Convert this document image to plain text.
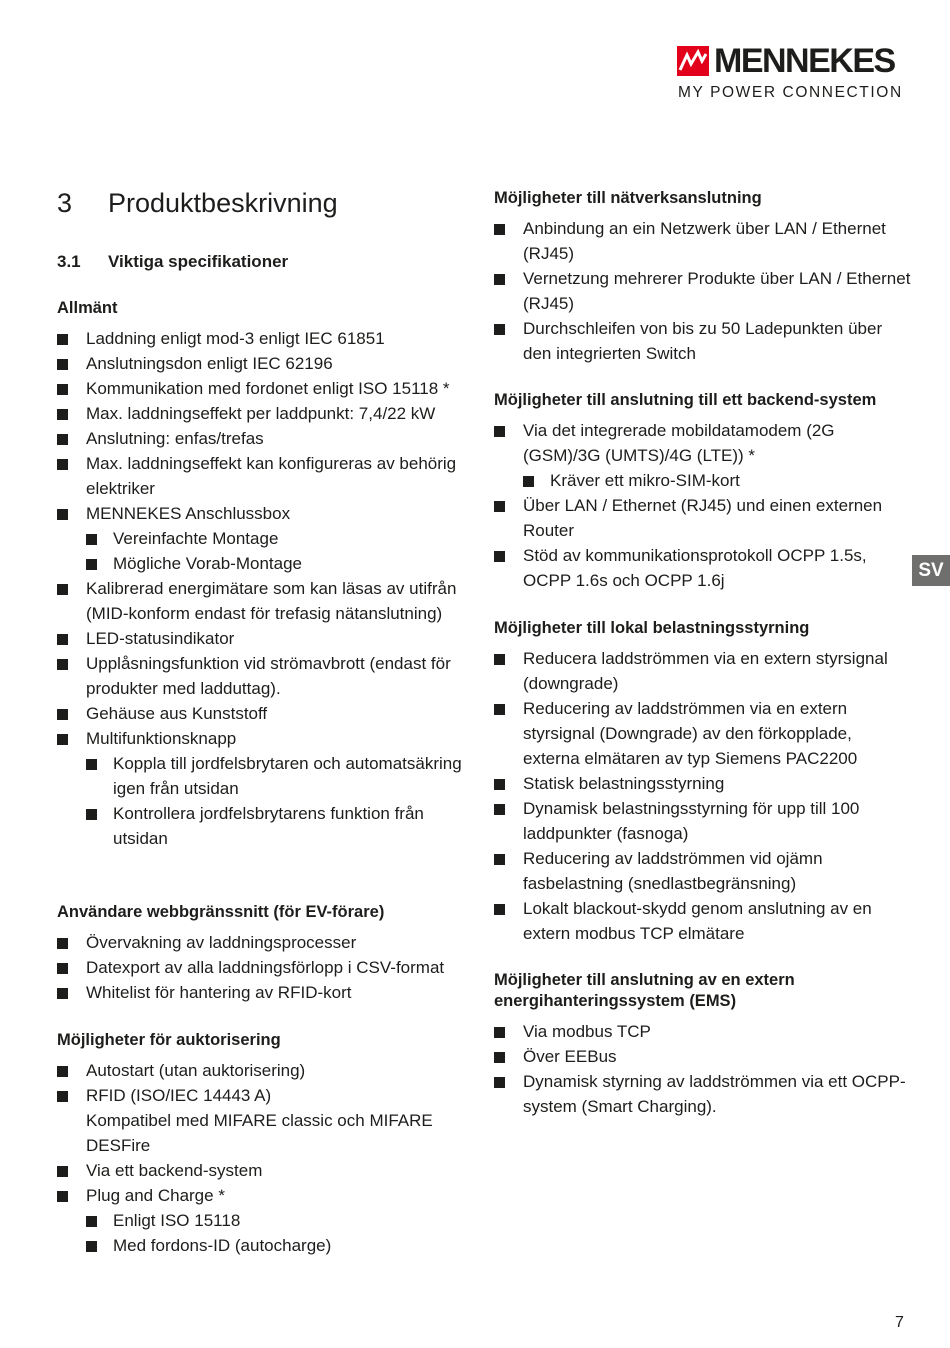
MENNEKES
MY POWER CONNECTION
3 Produktbeskrivning
3.1 Viktiga specifikationer
Allmänt
Laddning enligt mod-3 enligt IEC 61851
Anslutningsdon enligt IEC 62196
Kommunikation med fordonet enligt ISO 15118 *
Max. laddningseffekt per laddpunkt: 7,4/22 kW
Anslutning: enfas/trefas
Max. laddningseffekt kan konfigureras av behörig elektriker
MENNEKES Anschlussbox
Vereinfachte Montage
Mögliche Vorab-Montage
Kalibrerad energimätare som kan läsas av utifrån (MID-konform endast för trefasig nätanslutning)
LED-statusindikator
Upplåsningsfunktion vid strömavbrott (endast för produkter med ladduttag).
Gehäuse aus Kunststoff
Multifunktionsknapp
Koppla till jordfelsbrytaren och automatsäkring igen från utsidan
Kontrollera jordfelsbrytarens funktion från utsidan
Användare webbgränssnitt (för EV-förare)
Övervakning av laddningsprocesser
Datexport av alla laddningsförlopp i CSV-format
Whitelist för hantering av RFID-kort
Möjligheter för auktorisering
Autostart (utan auktorisering)
RFID (ISO/IEC 14443 A)
Kompatibel med MIFARE classic och MIFARE DESFire
Via ett backend-system
Plug and Charge *
Enligt ISO 15118
Med fordons-ID (autocharge)
Möjligheter till nätverksanslutning
Anbindung an ein Netzwerk über LAN / Ethernet (RJ45)
Vernetzung mehrerer Produkte über LAN / Ethernet (RJ45)
Durchschleifen von bis zu 50 Ladepunkten über den integrierten Switch
Möjligheter till anslutning till ett backend-system
Via det integrerade mobildatamodem (2G (GSM)/3G (UMTS)/4G (LTE)) *
Kräver ett mikro-SIM-kort
Über LAN / Ethernet (RJ45) und einen externen Router
Stöd av kommunikationsprotokoll OCPP 1.5s, OCPP 1.6s och OCPP 1.6j
Möjligheter till lokal belastningsstyrning
Reducera laddströmmen via en extern styrsignal (downgrade)
Reducering av laddströmmen via en extern styrsignal (Downgrade) av den förkopplade, externa elmätaren av typ Siemens PAC2200
Statisk belastningsstyrning
Dynamisk belastningsstyrning för upp till 100 laddpunkter (fasnoga)
Reducering av laddströmmen vid ojämn fasbelastning (snedlastbegränsning)
Lokalt blackout-skydd genom anslutning av en extern modbus TCP elmätare
Möjligheter till anslutning av en extern energihanteringssystem (EMS)
Via modbus TCP
Över EEBus
Dynamisk styrning av laddströmmen via ett OCPP-system (Smart Charging).
SV
7
